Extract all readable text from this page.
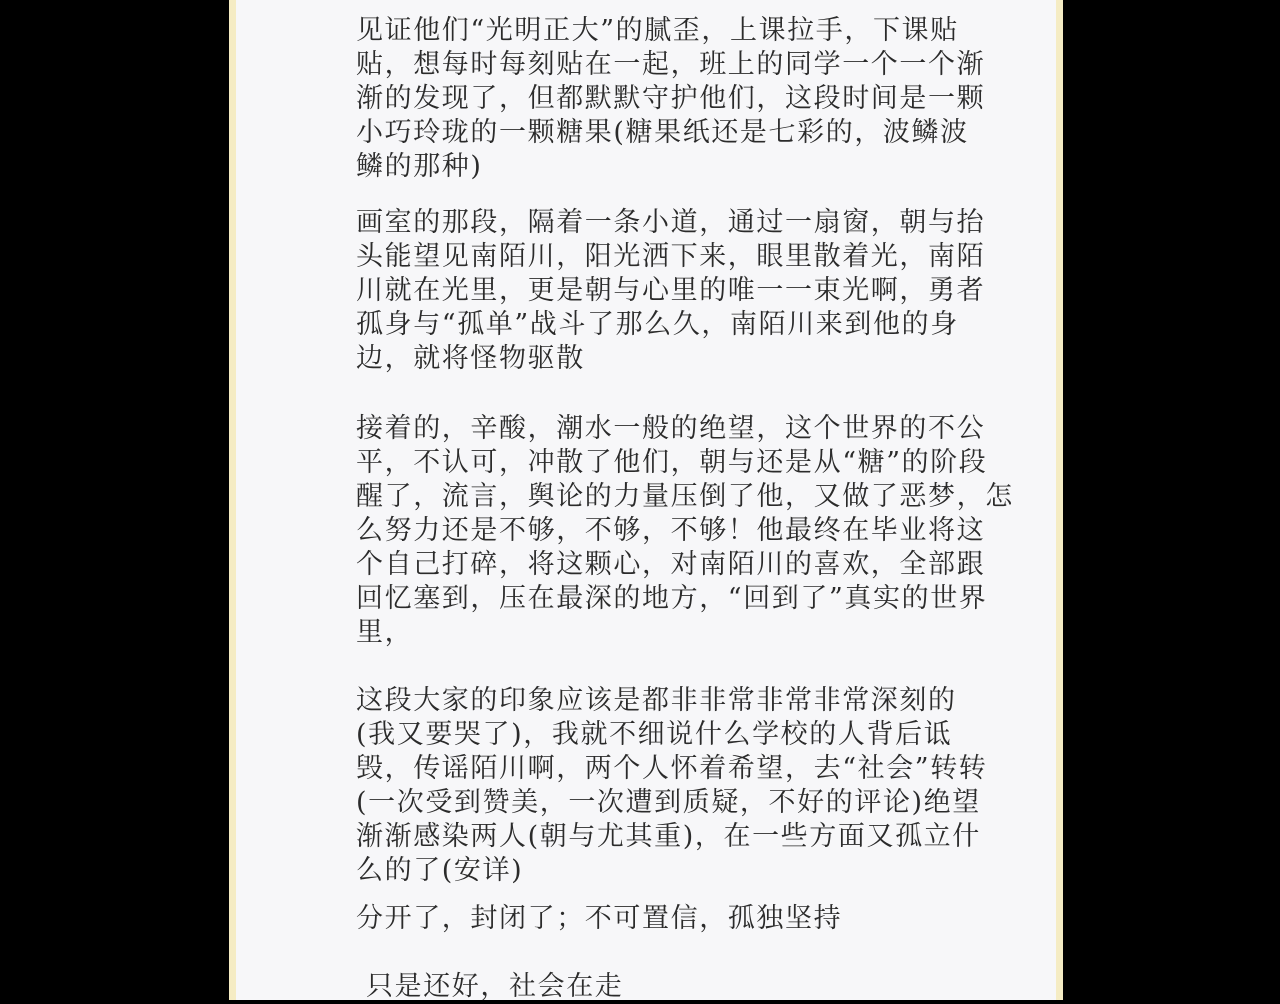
见证他们“光明正大”的腻歪，上课拉手，下课贴
贴，想每时每刻贴在一起，班上的同学一个一个渐
渐的发现了，但都默默守护他们，这段时间是一颗
小巧玲珑的一颗糖果(糖果纸还是七彩的，波鳞波
鳞的那种)
画室的那段，隔着一条小道，通过一扇窗，朝与抬
头能望见南陌川，阳光洒下来，眼里散着光，南陌
川就在光里，更是朝与心里的唯一一束光啊，勇者
孤身与“孤单”战斗了那么久，南陌川来到他的身
边，就将怪物驱散
接着的，辛酸，潮水一般的绝望，这个世界的不公
平，不认可，冲散了他们，朝与还是从“糖”的阶段
醒了，流言，舆论的力量压倒了他，又做了恶梦，怎
么努力还是不够，不够，不够！他最终在毕业将这
个自己打碎，将这颗心，对南陌川的喜欢，全部跟
回忆塞到，压在最深的地方，“回到了”真实的世界
里，
这段大家的印象应该是都非非常非常非常深刻的
(我又要哭了)，我就不细说什么学校的人背后诋
毁，传谣陌川啊，两个人怀着希望，去“社会”转转
(一次受到赞美，一次遭到质疑，不好的评论)绝望
渐渐感染两人(朝与尤其重)，在一些方面又孤立什
么的了(安详)
分开了，封闭了；不可置信，孤独坚持
只是还好，社会在走
